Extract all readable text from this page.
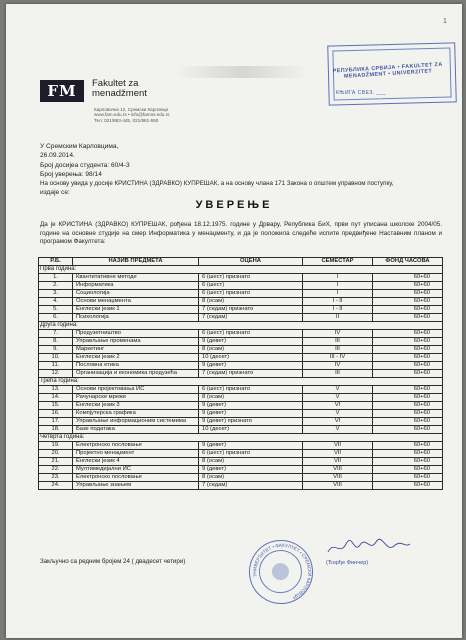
1
FM	Fakultet za
menadžment
Карловачка 12, Сремски Карловци
www.fam.edu.rs • info@famns.edu.rs
Тел: 021/883-445, 021/881-550
РЕПУБЛИКА СРБИЈА • FAKULTET ZA MENADŽMENT • UNIVERZITET
КЊИГА СВЕЗ. ___
У Сремским Карловцима,
26.09.2014.
Број досијеа студента: 60/4-3
Број уверења: 98/14
На основу увида у досије КРИСТИНА (ЗДРАВКО) КУПРЕШАК, а на основу члана 171 Закона о општем управном поступку,
издаје се:
УВЕРЕЊЕ
Да је КРИСТИНА (ЗДРАВКО) КУПРЕШАК, рођена 18.12.1975. године у Дрвару, Република БиХ, први пут уписана школске 2004/05. године на основне студије на смер Информатика у менаџменту, и да је положила следеће испите предвиђене Наставним планом и програмом Факултета:
Р.Б.	НАЗИВ ПРЕДМЕТА	ОЦЕНА	СЕМЕСТАР	ФОНД ЧАСОВА
Прва година:				
1.	Квантитативне методе	6 (шест) признато	I	60+60
2.	Информатика	6 (шест)	I	60+60
3.	Социологија	6 (шест) признато	I	60+60
4.	Основи менаџмента	8 (осам)	I - II	60+60
5.	Енглески језик 1	7 (седам) признато	I - II	60+60
6.	Психологија	7 (седам)	II	60+60
Друга година:				
7.	Предузетништво	6 (шест) признато	IV	60+60
8.	Управљање променама	9 (девет)	III	60+60
9.	Маркетинг	8 (осам)	III	60+60
10.	Енглески језик 2	10 (десет)	III - IV	60+60
11.	Пословна етика	9 (девет)	IV	60+60
12.	Организација и економика предузећа	7 (седам) признато	III	60+60
Трећа година:				
13.	Основи пројектовања ИС	6 (шест) признато	V	60+60
14.	Рачунарске мреже	8 (осам)	V	60+60
15.	Енглески језик 3	9 (девет)	VI	60+60
16.	Компјутерска графика	9 (девет)	V	60+60
17.	Управљање информационим системима	9 (девет) признато	VI	60+60
18.	Базе података	10 (десет)	V	60+60
Четврта година:				
19.	Електронско пословање	9 (девет)	VII	60+60
20.	Пројектно менаџмент	6 (шест) признато	VII	60+60
21.	Енглески језик 4	8 (осам)	VII	60+60
22.	Мултимедијални ИС	9 (девет)	VIII	60+60
23.	Електронско пословање	8 (осам)	VIII	60+60
24.	Управљање знањем	7 (седам)	VIII	60+60
Закључно са редним бројем 24 ( двадесет четири)
УНИВЕРЗИТЕТ • ФАКУЛТЕТ • СРЕМСКИ КАРЛОВЦИ
(Ђорђе Финчер)
